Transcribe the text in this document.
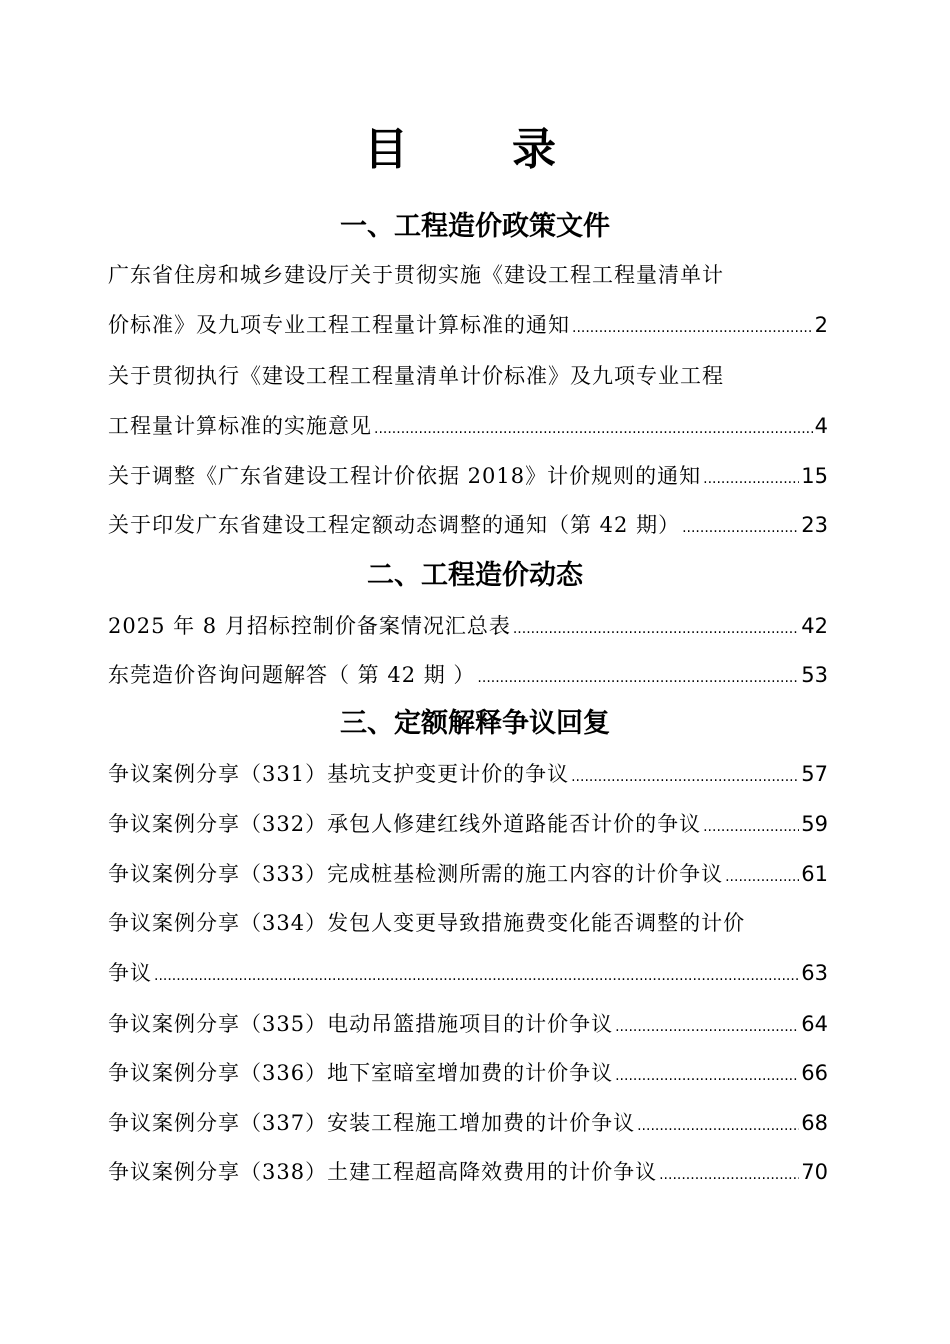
目　录
一、工程造价政策文件
广东省住房和城乡建设厅关于贯彻实施《建设工程工程量清单计
价标准》及九项专业工程工程量计算标准的通知 .....	2
关于贯彻执行《建设工程工程量清单计价标准》及九项专业工程
工程量计算标准的实施意见 .....	4
关于调整《广东省建设工程计价依据 2018》计价规则的通知 .....	15
关于印发广东省建设工程定额动态调整的通知（第 42 期） .....	23
二、工程造价动态
2025 年 8 月招标控制价备案情况汇总表 .....	42
东莞造价咨询问题解答（ 第 42 期 ） .....	53
三、定额解释争议回复
争议案例分享（331）基坑支护变更计价的争议 .....	57
争议案例分享（332）承包人修建红线外道路能否计价的争议 .....	59
争议案例分享（333）完成桩基检测所需的施工内容的计价争议 .....	61
争议案例分享（334）发包人变更导致措施费变化能否调整的计价
争议 .....	63
争议案例分享（335）电动吊篮措施项目的计价争议 .....	64
争议案例分享（336）地下室暗室增加费的计价争议 .....	66
争议案例分享（337）安装工程施工增加费的计价争议 .....	68
争议案例分享（338）土建工程超高降效费用的计价争议 .....	70
